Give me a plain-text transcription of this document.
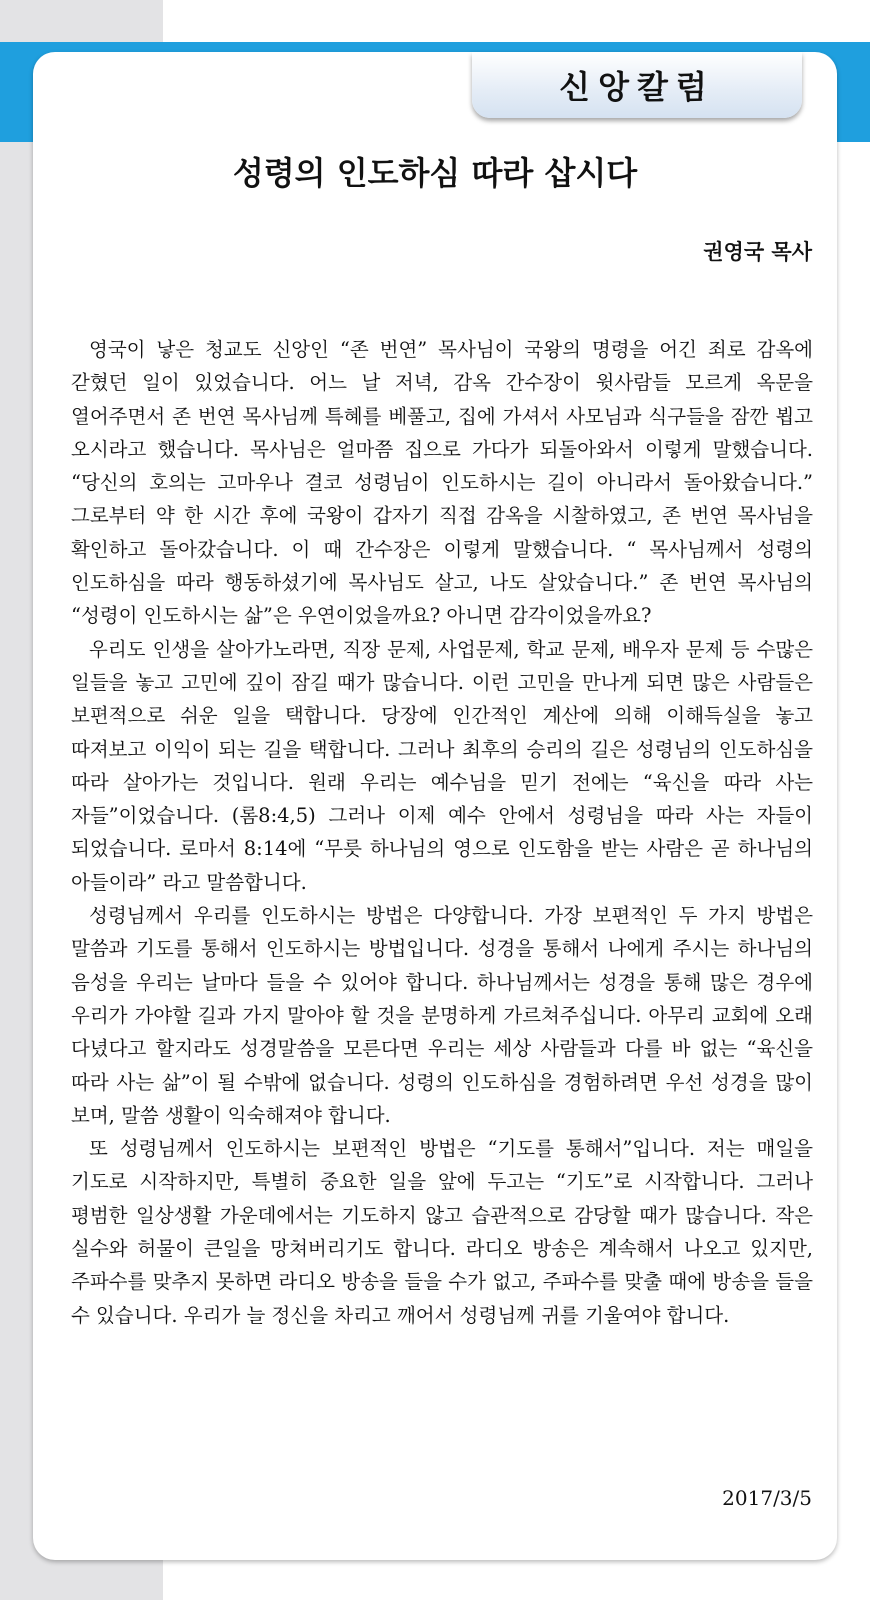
신앙칼럼
성령의 인도하심 따라 삽시다
권영국 목사

영국이 낳은 청교도 신앙인 “존 번연” 목사님이 국왕의 명령을 어긴 죄로 감옥에 갇혔던 일이 있었습니다. 어느 날 저녁, 감옥 간수장이 윗사람들 모르게 옥문을 열어주면서 존 번연 목사님께 특혜를 베풀고, 집에 가셔서 사모님과 식구들을 잠깐 뵙고 오시라고 했습니다. 목사님은 얼마쯤 집으로 가다가 되돌아와서 이렇게 말했습니다. “당신의 호의는 고마우나 결코 성령님이 인도하시는 길이 아니라서 돌아왔습니다.” 그로부터 약 한 시간 후에 국왕이 갑자기 직접 감옥을 시찰하였고, 존 번연 목사님을 확인하고 돌아갔습니다. 이 때 간수장은 이렇게 말했습니다. “ 목사님께서 성령의 인도하심을 따라 행동하셨기에 목사님도 살고, 나도 살았습니다.” 존 번연 목사님의 “성령이 인도하시는 삶”은 우연이었을까요? 아니면 감각이었을까요?

우리도 인생을 살아가노라면, 직장 문제, 사업문제, 학교 문제, 배우자 문제 등 수많은 일들을 놓고 고민에 깊이 잠길 때가 많습니다. 이런 고민을 만나게 되면 많은 사람들은 보편적으로 쉬운 일을 택합니다. 당장에 인간적인 계산에 의해 이해득실을 놓고 따져보고 이익이 되는 길을 택합니다. 그러나 최후의 승리의 길은 성령님의 인도하심을 따라 살아가는 것입니다. 원래 우리는 예수님을 믿기 전에는 “육신을 따라 사는 자들”이었습니다. (롬8:4,5) 그러나 이제 예수 안에서 성령님을 따라 사는 자들이 되었습니다. 로마서 8:14에 “무릇 하나님의 영으로 인도함을 받는 사람은 곧 하나님의 아들이라” 라고 말씀합니다.

성령님께서 우리를 인도하시는 방법은 다양합니다. 가장 보편적인 두 가지 방법은 말씀과 기도를 통해서 인도하시는 방법입니다. 성경을 통해서 나에게 주시는 하나님의 음성을 우리는 날마다 들을 수 있어야 합니다. 하나님께서는 성경을 통해 많은 경우에 우리가 가야할 길과 가지 말아야 할 것을 분명하게 가르쳐주십니다. 아무리 교회에 오래 다녔다고 할지라도 성경말씀을 모른다면 우리는 세상 사람들과 다를 바 없는 “육신을 따라 사는 삶”이 될 수밖에 없습니다. 성령의 인도하심을 경험하려면 우선 성경을 많이 보며, 말씀 생활이 익숙해져야 합니다.

또 성령님께서 인도하시는 보편적인 방법은 “기도를 통해서”입니다. 저는 매일을 기도로 시작하지만, 특별히 중요한 일을 앞에 두고는 “기도”로 시작합니다. 그러나 평범한 일상생활 가운데에서는 기도하지 않고 습관적으로 감당할 때가 많습니다. 작은 실수와 허물이 큰일을 망쳐버리기도 합니다. 라디오 방송은 계속해서 나오고 있지만, 주파수를 맞추지 못하면 라디오 방송을 들을 수가 없고, 주파수를 맞출 때에 방송을 들을 수 있습니다. 우리가 늘 정신을 차리고 깨어서 성령님께 귀를 기울여야 합니다.

2017/3/5
